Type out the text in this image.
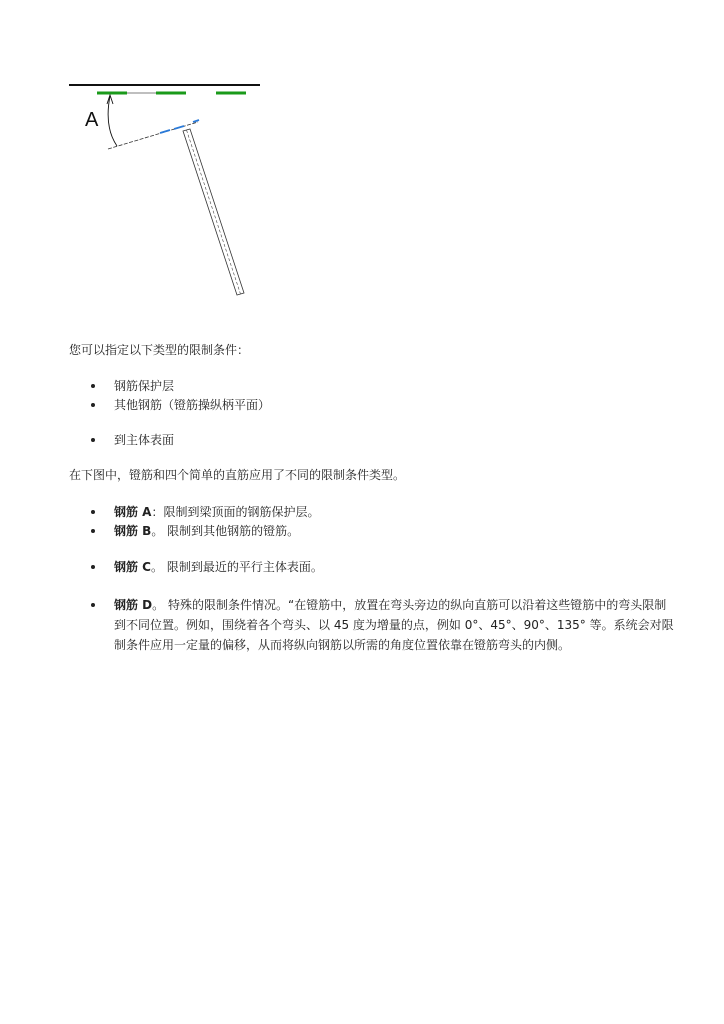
A

您可以指定以下类型的限制条件：

钢筋保护层
其他钢筋（镫筋操纵柄平面）
到主体表面

在下图中，镫筋和四个简单的直筋应用了不同的限制条件类型。

钢筋 A：限制到梁顶面的钢筋保护层。
钢筋 B。 限制到其他钢筋的镫筋。
钢筋 C。 限制到最近的平行主体表面。
钢筋 D。 特殊的限制条件情况。“在镫筋中，放置在弯头旁边的纵向直筋可以沿着这些镫筋中的弯头限制到不同位置。例如，围绕着各个弯头、以 45 度为增量的点，例如 0°、45°、90°、135° 等。系统会对限制条件应用一定量的偏移，从而将纵向钢筋以所需的角度位置依靠在镫筋弯头的内侧。
